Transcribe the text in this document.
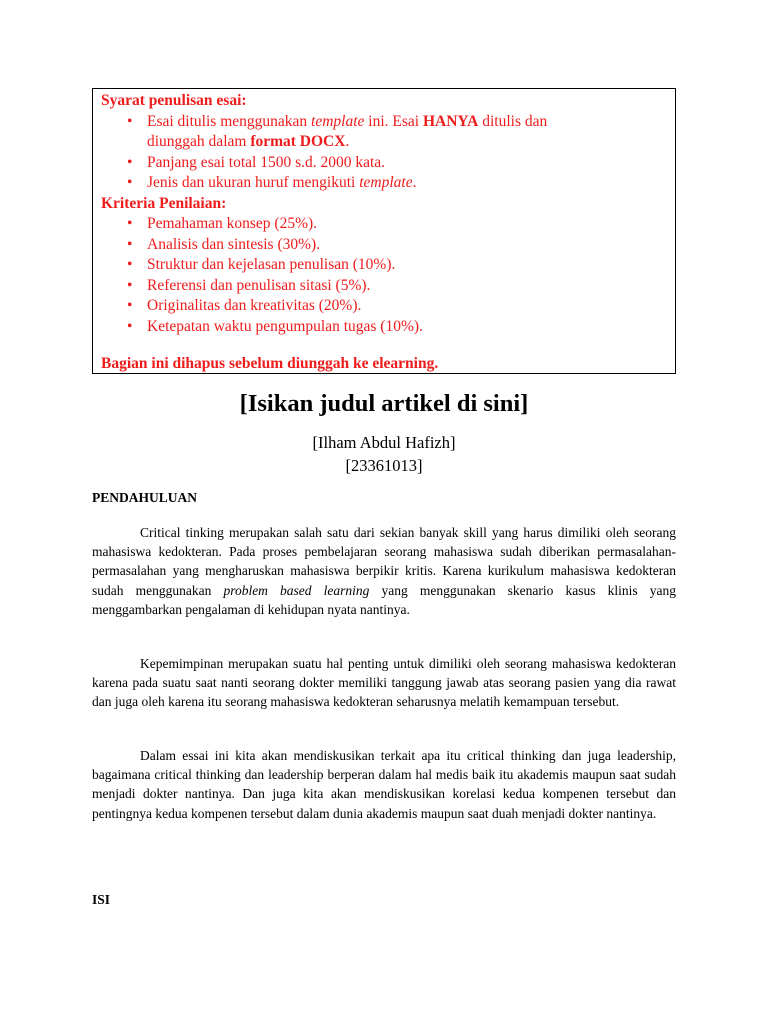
Syarat penulisan esai:
• Esai ditulis menggunakan template ini. Esai HANYA ditulis dan
diunggah dalam format DOCX.
• Panjang esai total 1500 s.d. 2000 kata.
• Jenis dan ukuran huruf mengikuti template.
Kriteria Penilaian:
• Pemahaman konsep (25%).
• Analisis dan sintesis (30%).
• Struktur dan kejelasan penulisan (10%).
• Referensi dan penulisan sitasi (5%).
• Originalitas dan kreativitas (20%).
• Ketepatan waktu pengumpulan tugas (10%).
Bagian ini dihapus sebelum diunggah ke elearning.
[Isikan judul artikel di sini]
[Ilham Abdul Hafizh]
[23361013]
PENDAHULUAN

Critical tinking merupakan salah satu dari sekian banyak skill yang harus dimiliki oleh seorang mahasiswa kedokteran. Pada proses pembelajaran seorang mahasiswa sudah diberikan permasalahan-permasalahan yang mengharuskan mahasiswa berpikir kritis. Karena kurikulum mahasiswa kedokteran sudah menggunakan problem based learning yang menggunakan skenario kasus klinis yang menggambarkan pengalaman di kehidupan nyata nantinya.

Kepemimpinan merupakan suatu hal penting untuk dimiliki oleh seorang mahasiswa kedokteran karena pada suatu saat nanti seorang dokter memiliki tanggung jawab atas seorang pasien yang dia rawat dan juga oleh karena itu seorang mahasiswa kedokteran seharusnya melatih kemampuan tersebut.

Dalam essai ini kita akan mendiskusikan terkait apa itu critical thinking dan juga leadership, bagaimana critical thinking dan leadership berperan dalam hal medis baik itu akademis maupun saat sudah menjadi dokter nantinya. Dan juga kita akan mendiskusikan korelasi kedua kompenen tersebut dan pentingnya kedua kompenen tersebut dalam dunia akademis maupun saat duah menjadi dokter nantinya.

ISI
